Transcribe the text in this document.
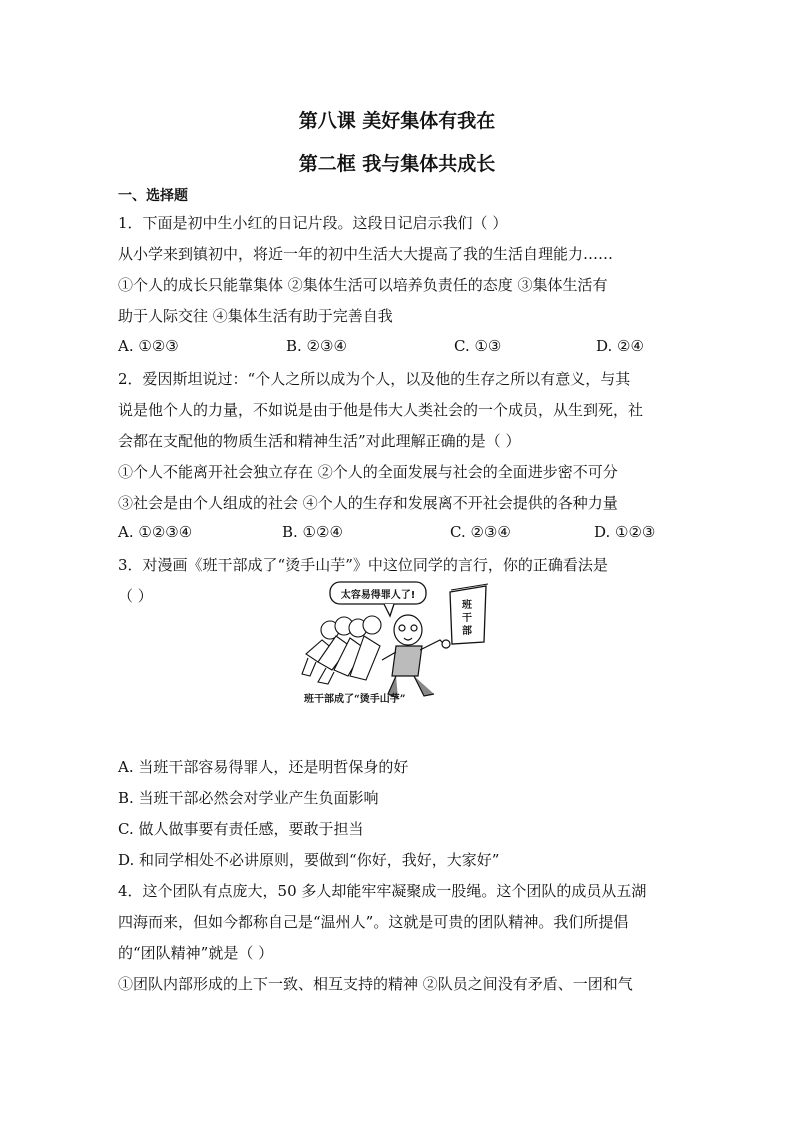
第八课 美好集体有我在
第二框 我与集体共成长
一、选择题
1．下面是初中生小红的日记片段。这段日记启示我们（ ）
从小学来到镇初中，将近一年的初中生活大大提高了我的生活自理能力……
①个人的成长只能靠集体 ②集体生活可以培养负责任的态度 ③集体生活有
助于人际交往 ④集体生活有助于完善自我
A. ①②③	B. ②③④	C. ①③	D. ②④
2．爱因斯坦说过：“个人之所以成为个人，以及他的生存之所以有意义，与其
说是他个人的力量，不如说是由于他是伟大人类社会的一个成员，从生到死，社
会都在支配他的物质生活和精神生活”对此理解正确的是（ ）
①个人不能离开社会独立存在 ②个人的全面发展与社会的全面进步密不可分
③社会是由个人组成的社会 ④个人的生存和发展离不开社会提供的各种力量
A. ①②③④	B. ①②④	C. ②③④	D. ①②③
3．对漫画《班干部成了“烫手山芋”》中这位同学的言行，你的正确看法是
（ ）	太容易得罪人了!
班
干
部
班干部成了“烫手山芋”
A. 当班干部容易得罪人，还是明哲保身的好
B. 当班干部必然会对学业产生负面影响
C. 做人做事要有责任感，要敢于担当
D. 和同学相处不必讲原则，要做到“你好，我好，大家好”
4．这个团队有点庞大，50 多人却能牢牢凝聚成一股绳。这个团队的成员从五湖
四海而来，但如今都称自己是“温州人”。这就是可贵的团队精神。我们所提倡
的“团队精神”就是（ ）
①团队内部形成的上下一致、相互支持的精神 ②队员之间没有矛盾、一团和气
